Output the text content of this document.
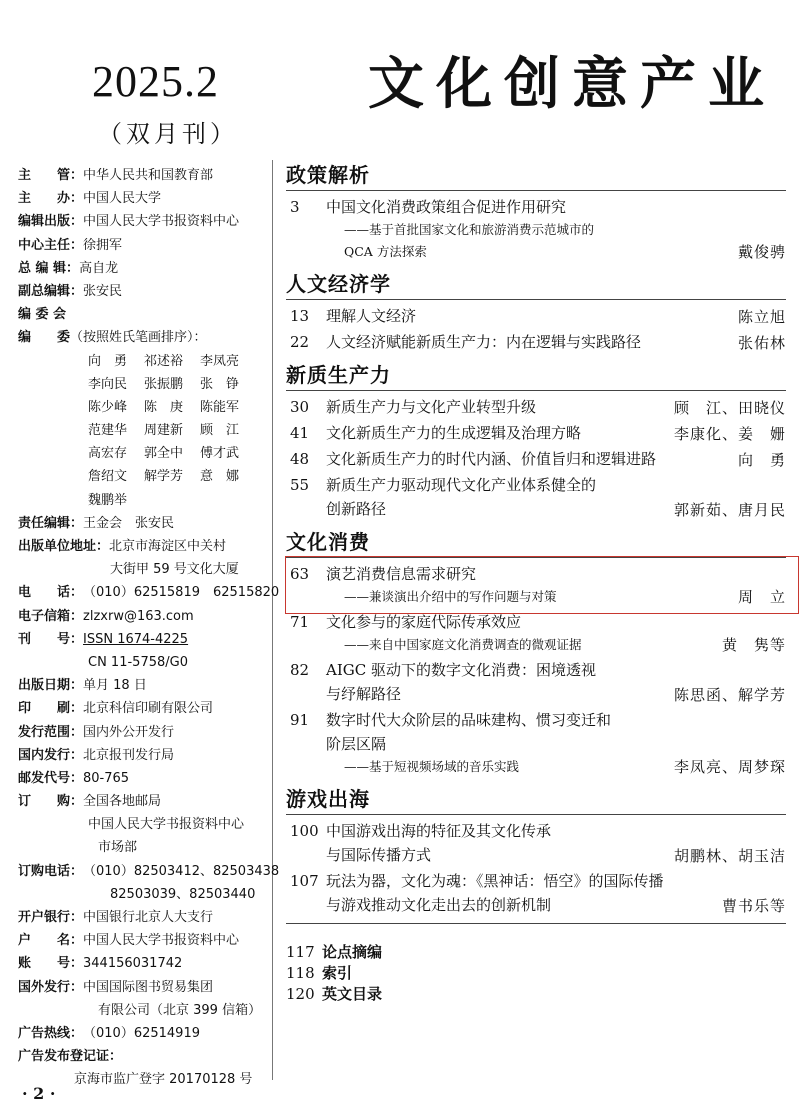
2025.2
（双月刊）
文化创意产业
主　　管： 中华人民共和国教育部
主　　办： 中国人民大学
编辑出版： 中国人民大学书报资料中心
中心主任： 徐拥军
总 编 辑： 高自龙
副总编辑： 张安民
编 委 会
编　　委 （按照姓氏笔画排序）：
向　勇 祁述裕 李凤亮
李向民 张振鹏 张　铮
陈少峰 陈　庚 陈能军
范建华 周建新 顾　江
高宏存 郭全中 傅才武
詹绍文 解学芳 意　娜
魏鹏举
责任编辑： 王金会　张安民
出版单位地址： 北京市海淀区中关村
大街甲 59 号文化大厦
电　　话： （010）62515819　62515820
电子信箱： zlzxrw@163.com
刊　　号： ISSN 1674-4225
CN 11-5758/G0
出版日期： 单月 18 日
印　　刷： 北京科信印刷有限公司
发行范围： 国内外公开发行
国内发行： 北京报刊发行局
邮发代号： 80-765
订　　购： 全国各地邮局
中国人民大学书报资料中心
市场部
订购电话： （010）82503412、82503438
82503039、82503440
开户银行： 中国银行北京人大支行
户　　名： 中国人民大学书报资料中心
账　　号： 344156031742
国外发行： 中国国际图书贸易集团
有限公司（北京 399 信箱）
广告热线： （010）62514919
广告发布登记证：
京海市监广登字 20170128 号
政策解析
3	中国文化消费政策组合促进作用研究
——基于首批国家文化和旅游消费示范城市的
QCA 方法探索	戴俊骋
人文经济学
13	理解人文经济	陈立旭
22	人文经济赋能新质生产力：内在逻辑与实践路径	张佑林
新质生产力
30	新质生产力与文化产业转型升级	顾　江、田晓仪
41	文化新质生产力的生成逻辑及治理方略	李康化、姜　姗
48	文化新质生产力的时代内涵、价值旨归和逻辑进路	向　勇
55	新质生产力驱动现代文化产业体系健全的
创新路径	郭新茹、唐月民
文化消费
63	演艺消费信息需求研究
——兼谈演出介绍中的写作问题与对策	周　立
71	文化参与的家庭代际传承效应
——来自中国家庭文化消费调查的微观证据	黄　隽等
82	AIGC 驱动下的数字文化消费：困境透视
与纾解路径	陈思函、解学芳
91	数字时代大众阶层的品味建构、惯习变迁和
阶层区隔
——基于短视频场域的音乐实践	李凤亮、周梦琛
游戏出海
100 中国游戏出海的特征及其文化传承
与国际传播方式	胡鹏林、胡玉洁
107 玩法为器，文化为魂：《黑神话：悟空》的国际传播
与游戏推动文化走出去的创新机制	曹书乐等
117 论点摘编
118 索引
120 英文目录
· 2 ·
